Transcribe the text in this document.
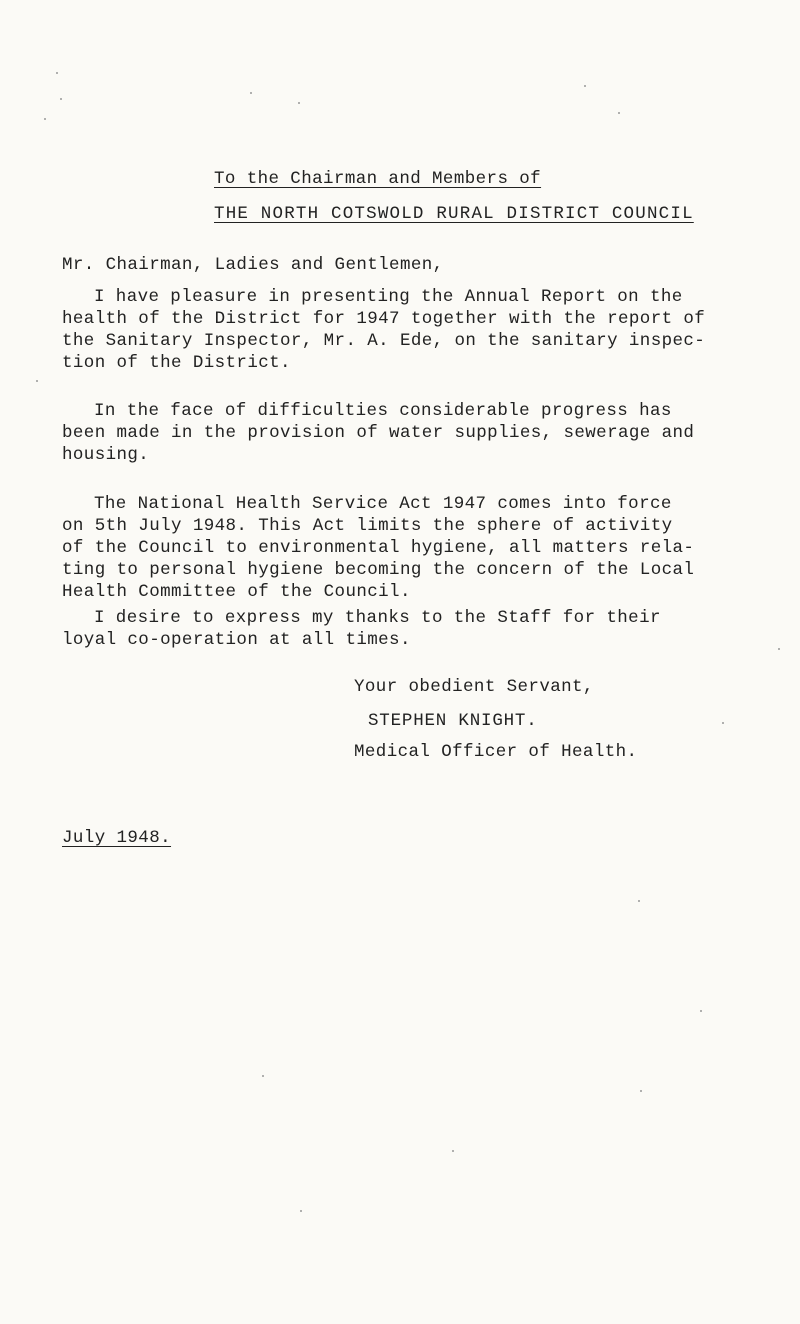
To the Chairman and Members of
THE NORTH COTSWOLD RURAL DISTRICT COUNCIL
Mr. Chairman, Ladies and Gentlemen,
I have pleasure in presenting the Annual Report on the
health of the District for 1947 together with the report of
the Sanitary Inspector, Mr. A. Ede, on the sanitary inspec-
tion of the District.
In the face of difficulties considerable progress has
been made in the provision of water supplies, sewerage and
housing.
The National Health Service Act 1947 comes into force
on 5th July 1948. This Act limits the sphere of activity
of the Council to environmental hygiene, all matters rela-
ting to personal hygiene becoming the concern of the Local
Health Committee of the Council.
I desire to express my thanks to the Staff for their
loyal co-operation at all times.
Your obedient Servant,
STEPHEN KNIGHT.
Medical Officer of Health.
July 1948.
